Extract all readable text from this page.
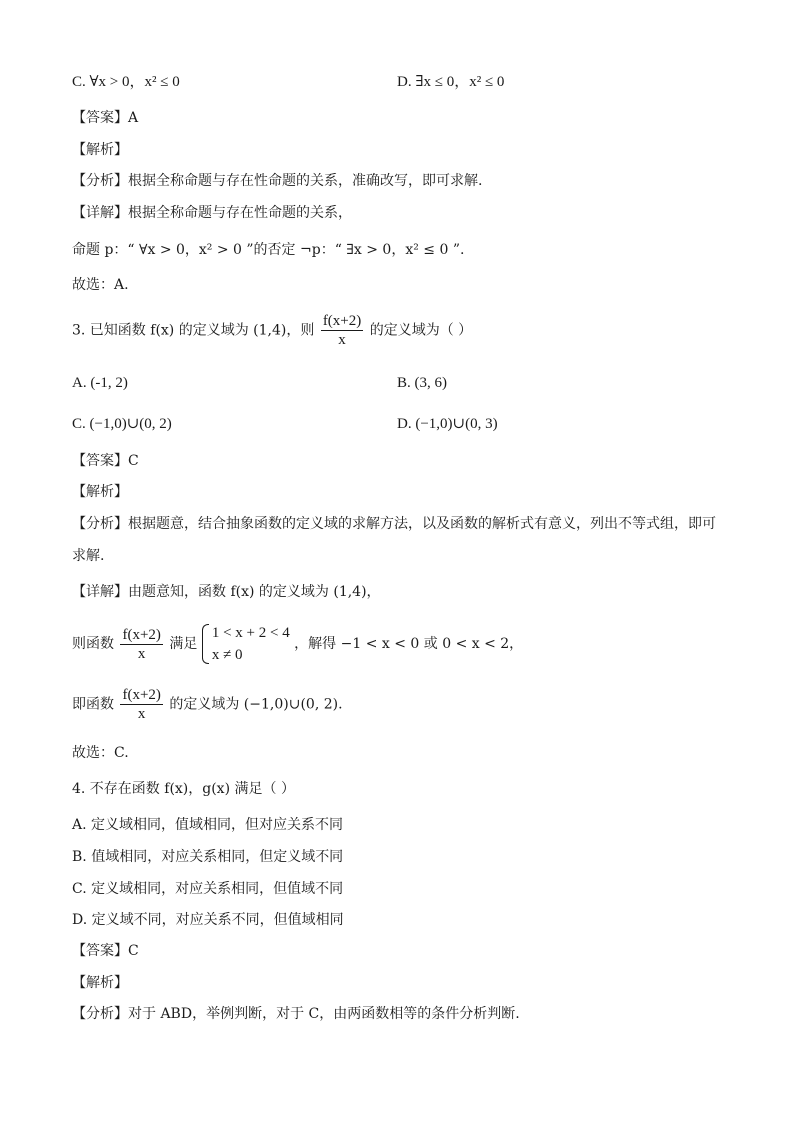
C. ∀x > 0，x² ≤ 0	D. ∃x ≤ 0，x² ≤ 0
【答案】A
【解析】
【分析】根据全称命题与存在性命题的关系，准确改写，即可求解.
【详解】根据全称命题与存在性命题的关系，
命题 p：“ ∀x > 0，x² > 0 ”的否定 ¬p：“ ∃x > 0，x² ≤ 0 ”.
故选：A.
3. 已知函数 f(x) 的定义域为 (1,4)，则 $\frac{f(x+2)}{x}$ 的定义域为（ ）
A. (-1, 2)	B. (3, 6)
C. (−1,0)∪(0, 2)	D. (−1,0)∪(0, 3)
【答案】C
【解析】
【分析】根据题意，结合抽象函数的定义域的求解方法，以及函数的解析式有意义，列出不等式组，即可
求解.
【详解】由题意知，函数 f(x) 的定义域为 (1,4)，
则函数 $\frac{f(x+2)}{x}$ 满足
1 < x + 2 < 4
x ≠ 0
，解得 −1 < x < 0 或 0 < x < 2，
即函数 $\frac{f(x+2)}{x}$ 的定义域为 (−1,0)∪(0, 2).
故选：C.
4. 不存在函数 f(x)，g(x) 满足（ ）
A. 定义域相同，值域相同，但对应关系不同
B. 值域相同，对应关系相同，但定义域不同
C. 定义域相同，对应关系相同，但值域不同
D. 定义域不同，对应关系不同，但值域相同
【答案】C
【解析】
【分析】对于 ABD，举例判断，对于 C，由两函数相等的条件分析判断.
